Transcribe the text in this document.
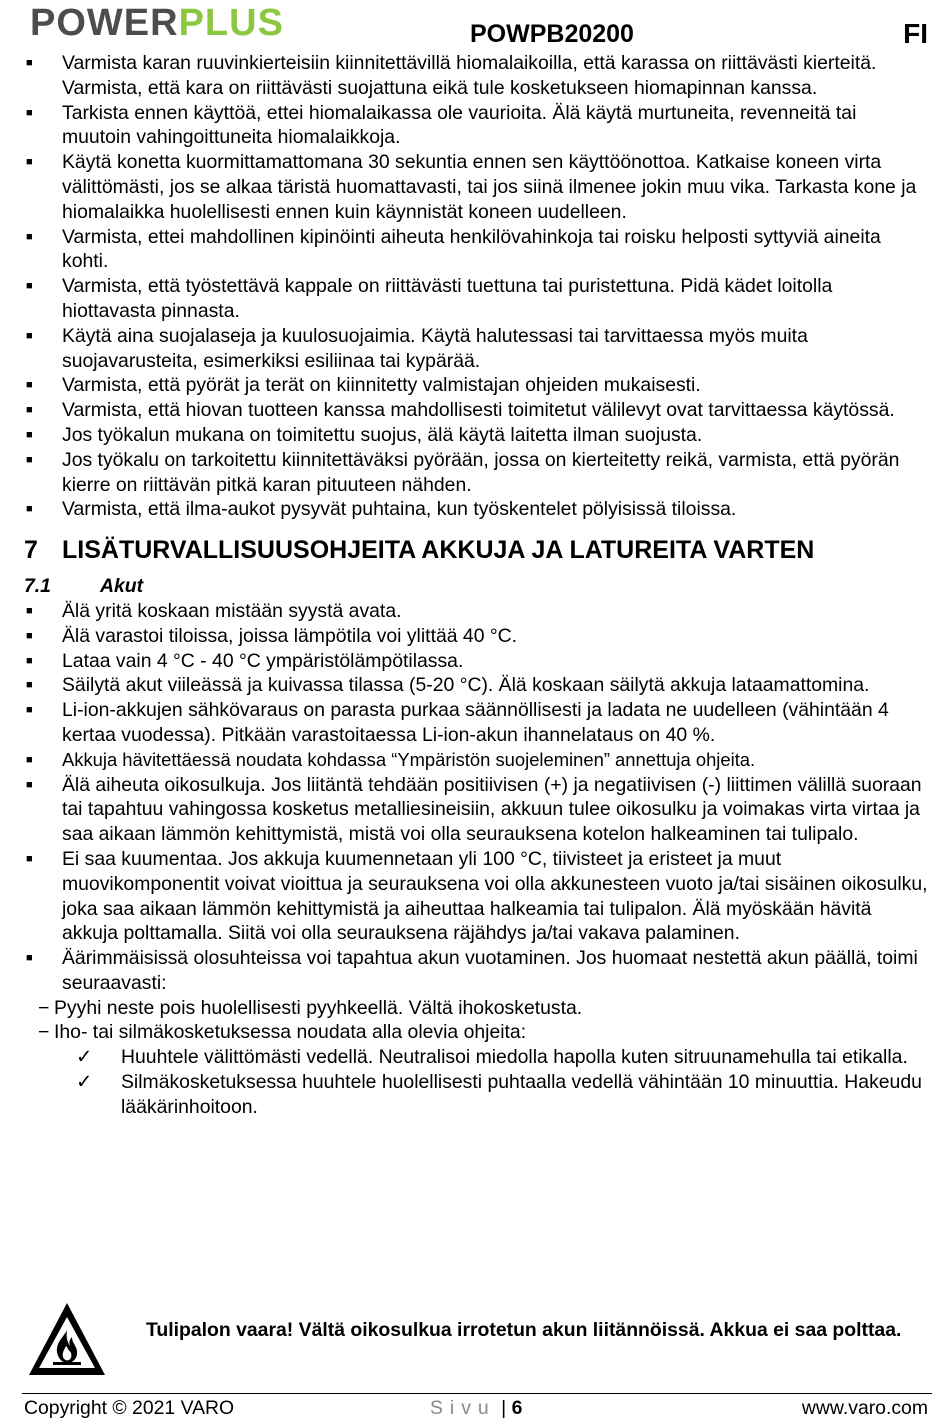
POWERPLUS	POWPB20200	FI
■ Varmista karan ruuvinkierteisiin kiinnitettävillä hiomalaikoilla, että karassa on riittävästi kierteitä. Varmista, että kara on riittävästi suojattuna eikä tule kosketukseen hiomapinnan kanssa.
■ Tarkista ennen käyttöä, ettei hiomalaikassa ole vaurioita. Älä käytä murtuneita, revenneitä tai muutoin vahingoittuneita hiomalaikkoja.
■ Käytä konetta kuormittamattomana 30 sekuntia ennen sen käyttöönottoa. Katkaise koneen virta välittömästi, jos se alkaa täristä huomattavasti, tai jos siinä ilmenee jokin muu vika. Tarkasta kone ja hiomalaikka huolellisesti ennen kuin käynnistät koneen uudelleen.
■ Varmista, ettei mahdollinen kipinöinti aiheuta henkilövahinkoja tai roisku helposti syttyviä aineita kohti.
■ Varmista, että työstettävä kappale on riittävästi tuettuna tai puristettuna. Pidä kädet loitolla hiottavasta pinnasta.
■ Käytä aina suojalaseja ja kuulosuojaimia. Käytä halutessasi tai tarvittaessa myös muita suojavarusteita, esimerkiksi esiliinaa tai kypärää.
■ Varmista, että pyörät ja terät on kiinnitetty valmistajan ohjeiden mukaisesti.
■ Varmista, että hiovan tuotteen kanssa mahdollisesti toimitetut välilevyt ovat tarvittaessa käytössä.
■ Jos työkalun mukana on toimitettu suojus, älä käytä laitetta ilman suojusta.
■ Jos työkalu on tarkoitettu kiinnitettäväksi pyörään, jossa on kierteitetty reikä, varmista, että pyörän kierre on riittävän pitkä karan pituuteen nähden.
■ Varmista, että ilma-aukot pysyvät puhtaina, kun työskentelet pölyisissä tiloissa.
7 LISÄTURVALLISUUSOHJEITA AKKUJA JA LATUREITA VARTEN
7.1	Akut
■ Älä yritä koskaan mistään syystä avata.
■ Älä varastoi tiloissa, joissa lämpötila voi ylittää 40 °C.
■ Lataa vain 4 °C - 40 °C ympäristölämpötilassa.
■ Säilytä akut viileässä ja kuivassa tilassa (5-20 °C). Älä koskaan säilytä akkuja lataamattomina.
■ Li-ion-akkujen sähkövaraus on parasta purkaa säännöllisesti ja ladata ne uudelleen (vähintään 4 kertaa vuodessa). Pitkään varastoitaessa Li-ion-akun ihannelataus on 40 %.
■ Akkuja hävitettäessä noudata kohdassa “Ympäristön suojeleminen” annettuja ohjeita.
■ Älä aiheuta oikosulkuja. Jos liitäntä tehdään positiivisen (+) ja negatiivisen (-) liittimen välillä suoraan tai tapahtuu vahingossa kosketus metalliesineisiin, akkuun tulee oikosulku ja voimakas virta virtaa ja saa aikaan lämmön kehittymistä, mistä voi olla seurauksena kotelon halkeaminen tai tulipalo.
■ Ei saa kuumentaa. Jos akkuja kuumennetaan yli 100 °C, tiivisteet ja eristeet ja muut muovikomponentit voivat vioittua ja seurauksena voi olla akkunesteen vuoto ja/tai sisäinen oikosulku, joka saa aikaan lämmön kehittymistä ja aiheuttaa halkeamia tai tulipalon. Älä myöskään hävitä akkuja polttamalla. Siitä voi olla seurauksena räjähdys ja/tai vakava palaminen.
■ Äärimmäisissä olosuhteissa voi tapahtua akun vuotaminen. Jos huomaat nestettä akun päällä, toimi seuraavasti:
− Pyyhi neste pois huolellisesti pyyhkeellä. Vältä ihokosketusta.
− Iho- tai silmäkosketuksessa noudata alla olevia ohjeita:
✓ Huuhtele välittömästi vedellä. Neutralisoi miedolla hapolla kuten sitruunamehulla tai etikalla.
✓ Silmäkosketuksessa huuhtele huolellisesti puhtaalla vedellä vähintään 10 minuuttia. Hakeudu lääkärinhoitoon.
Tulipalon vaara! Vältä oikosulkua irrotetun akun liitännöissä. Akkua ei saa polttaa.
Copyright © 2021 VARO	Sivu | 6	www.varo.com
